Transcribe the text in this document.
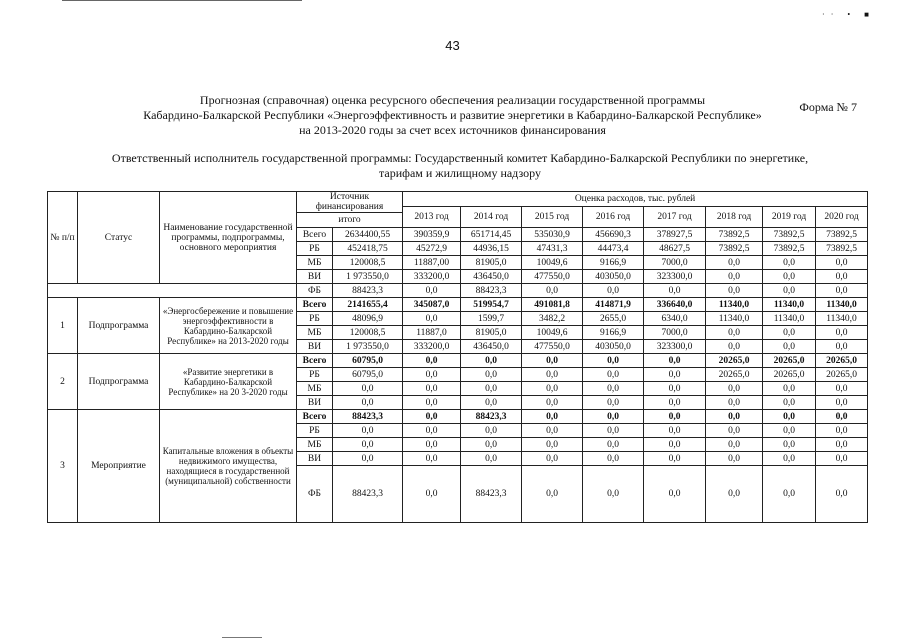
·· • ■
43
Прогнозная (справочная) оценка ресурсного обеспечения реализации государственной программы
Кабардино-Балкарской Республики «Энергоэффективность и развитие энергетики в Кабардино-Балкарской Республике»
на 2013-2020 годы за счет всех источников финансирования
Форма № 7
Ответственный исполнитель государственной программы: Государственный комитет Кабардино-Балкарской Республики по энергетике,
тарифам и жилищному надзору
№ п/п	Статус	Наименование государственной программы, подпрограммы, основного мероприятия	Источник финансирования		Оценка расходов, тыс. рублей							
					2013 год	2014 год	2015 год	2016 год	2017 год	2018 год	2019 год	2020 год
			итого									
			Всего	2634400,55	390359,9	651714,45	535030,9	456690,3	378927,5	73892,5	73892,5	73892,5
			РБ	452418,75	45272,9	44936,15	47431,3	44473,4	48627,5	73892,5	73892,5	73892,5
			МБ	120008,5	11887,00	81905,0	10049,6	9166,9	7000,0	0,0	0,0	0,0
			ВИ	1 973550,0	333200,0	436450,0	477550,0	403050,0	323300,0	0,0	0,0	0,0
			ФБ	88423,3	0,0	88423,3	0,0	0,0	0,0	0,0	0,0	0,0
1	Подпрограмма	«Энергосбережение и повышение энергоэффективности в Кабардино-Балкарской Республике» на 2013-2020 годы	Всего	2141655,4	345087,0	519954,7	491081,8	414871,9	336640,0	11340,0	11340,0	11340,0
			РБ	48096,9	0,0	1599,7	3482,2	2655,0	6340,0	11340,0	11340,0	11340,0
			МБ	120008,5	11887,0	81905,0	10049,6	9166,9	7000,0	0,0	0,0	0,0
			ВИ	1 973550,0	333200,0	436450,0	477550,0	403050,0	323300,0	0,0	0,0	0,0
2	Подпрограмма	«Развитие энергетики в Кабардино-Балкарской Республике» на 20 3-2020 годы	Всего	60795,0	0,0	0,0	0,0	0,0	0,0	20265,0	20265,0	20265,0
			РБ	60795,0	0,0	0,0	0,0	0,0	0,0	20265,0	20265,0	20265,0
			МБ	0,0	0,0	0,0	0,0	0,0	0,0	0,0	0,0	0,0
			ВИ	0,0	0,0	0,0	0,0	0,0	0,0	0,0	0,0	0,0
3	Мероприятие	Капитальные вложения в объекты недвижимого имущества, находящиеся в государственной (муниципальной) собственности	Всего	88423,3	0,0	88423,3	0,0	0,0	0,0	0,0	0,0	0,0
			РБ	0,0	0,0	0,0	0,0	0,0	0,0	0,0	0,0	0,0
			МБ	0,0	0,0	0,0	0,0	0,0	0,0	0,0	0,0	0,0
			ВИ	0,0	0,0	0,0	0,0	0,0	0,0	0,0	0,0	0,0
			ФБ	88423,3	0,0	88423,3	0,0	0,0	0,0	0,0	0,0	0,0
